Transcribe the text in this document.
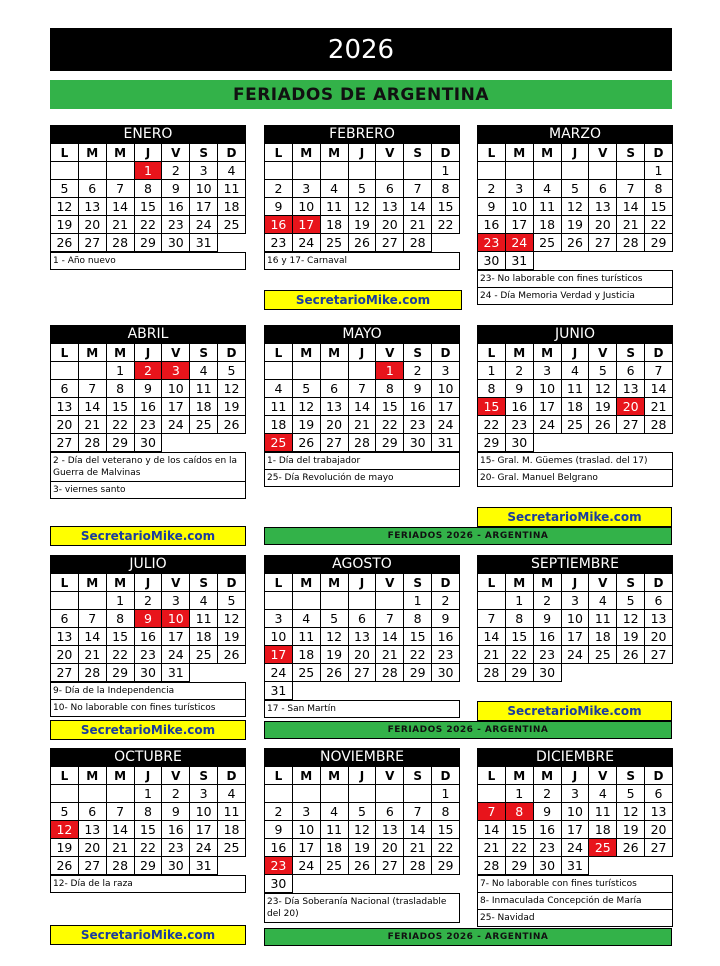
2026
FERIADOS DE ARGENTINA
ENERO
L	M	M	J	V	S	D
			1	2	3	4
5	6	7	8	9	10	11
12	13	14	15	16	17	18
19	20	21	22	23	24	25
26	27	28	29	30	31	
1 - Año nuevo
FEBRERO
L	M	M	J	V	S	D
						1
2	3	4	5	6	7	8
9	10	11	12	13	14	15
16	17	18	19	20	21	22
23	24	25	26	27	28	
16 y 17- Carnaval
MARZO
L	M	M	J	V	S	D
						1
2	3	4	5	6	7	8
9	10	11	12	13	14	15
16	17	18	19	20	21	22
23	24	25	26	27	28	29
30	31					
23- No laborable con fines turísticos
24 - Día Memoria Verdad y Justicia
ABRIL
L	M	M	J	V	S	D
		1	2	3	4	5
6	7	8	9	10	11	12
13	14	15	16	17	18	19
20	21	22	23	24	25	26
27	28	29	30			
2 - Día del veterano y de los caídos en la Guerra de Malvinas
3- viernes santo
MAYO
L	M	M	J	V	S	D
				1	2	3
4	5	6	7	8	9	10
11	12	13	14	15	16	17
18	19	20	21	22	23	24
25	26	27	28	29	30	31
1- Día del trabajador
25- Día Revolución de mayo
JUNIO
L	M	M	J	V	S	D
1	2	3	4	5	6	7
8	9	10	11	12	13	14
15	16	17	18	19	20	21
22	23	24	25	26	27	28
29	30					
15- Gral. M. Güemes (traslad. del 17)
20- Gral. Manuel Belgrano
JULIO
L	M	M	J	V	S	D
		1	2	3	4	5
6	7	8	9	10	11	12
13	14	15	16	17	18	19
20	21	22	23	24	25	26
27	28	29	30	31		
9- Día de la Independencia
10- No laborable con fines turísticos
AGOSTO
L	M	M	J	V	S	D
					1	2
3	4	5	6	7	8	9
10	11	12	13	14	15	16
17	18	19	20	21	22	23
24	25	26	27	28	29	30
31						
17 - San Martín
SEPTIEMBRE
L	M	M	J	V	S	D
	1	2	3	4	5	6
7	8	9	10	11	12	13
14	15	16	17	18	19	20
21	22	23	24	25	26	27
28	29	30				
OCTUBRE
L	M	M	J	V	S	D
			1	2	3	4
5	6	7	8	9	10	11
12	13	14	15	16	17	18
19	20	21	22	23	24	25
26	27	28	29	30	31	
12- Día de la raza
NOVIEMBRE
L	M	M	J	V	S	D
						1
2	3	4	5	6	7	8
9	10	11	12	13	14	15
16	17	18	19	20	21	22
23	24	25	26	27	28	29
30						
23- Día Soberanía Nacional (trasladable del 20)
DICIEMBRE
L	M	M	J	V	S	D
	1	2	3	4	5	6
7	8	9	10	11	12	13
14	15	16	17	18	19	20
21	22	23	24	25	26	27
28	29	30	31			
7- No laborable con fines turísticos
8- Inmaculada Concepción de María
25- Navidad
SecretarioMike.com
SecretarioMike.com	FERIADOS 2026 - ARGENTINA
SecretarioMike.com
SecretarioMike.com
SecretarioMike.com	FERIADOS 2026 - ARGENTINA
SecretarioMike.com	FERIADOS 2026 - ARGENTINA
